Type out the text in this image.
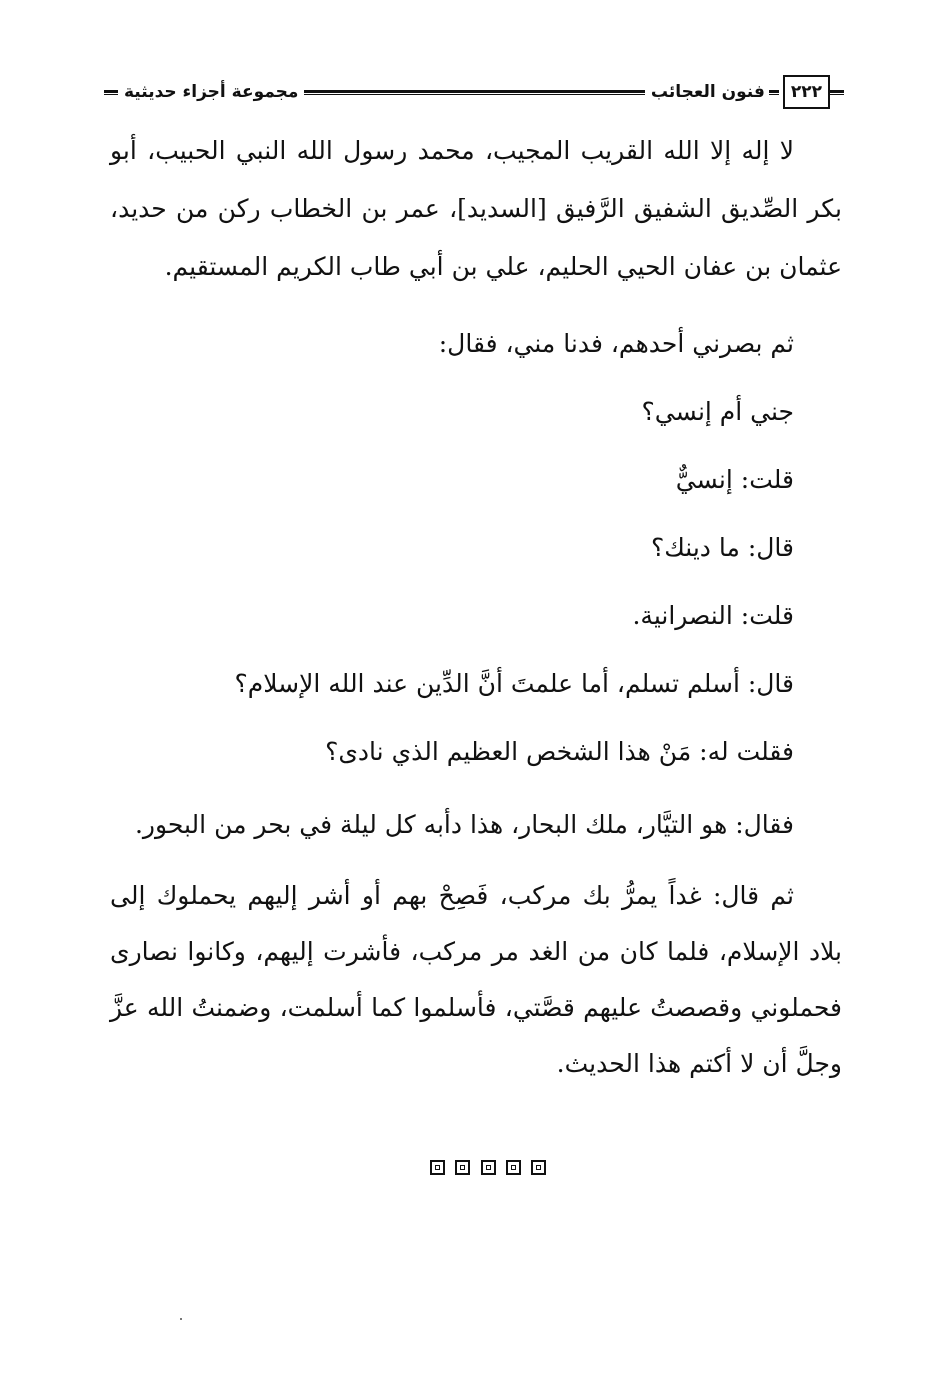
٢٢٢
فنون العجائب
مجموعة أجزاء حديثية

لا إله إلا الله القريب المجيب، محمد رسول الله النبي الحبيب، أبو بكر الصِّديق الشفيق الرَّفيق [السديد]، عمر بن الخطاب ركن من حديد، عثمان بن عفان الحيي الحليم، علي بن أبي طاب الكريم المستقيم.

ثم بصرني أحدهم، فدنا مني، فقال:

جني أم إنسي؟

قلت: إنسيٌّ

قال: ما دينك؟

قلت: النصرانية.

قال: أسلم تسلم، أما علمتَ أنَّ الدِّين عند الله الإسلام؟

فقلت له: مَنْ هذا الشخص العظيم الذي نادى؟

فقال: هو التيَّار، ملك البحار، هذا دأبه كل ليلة في بحر من البحور.

ثم قال: غداً يمرُّ بك مركب، فَصِحْ بهم أو أشر إليهم يحملوك إلى بلاد الإسلام، فلما كان من الغد مر مركب، فأشرت إليهم، وكانوا نصارى فحملوني وقصصتُ عليهم قصَّتي، فأسلموا كما أسلمت، وضمنتُ الله عزَّ وجلَّ أن لا أكتم هذا الحديث.
